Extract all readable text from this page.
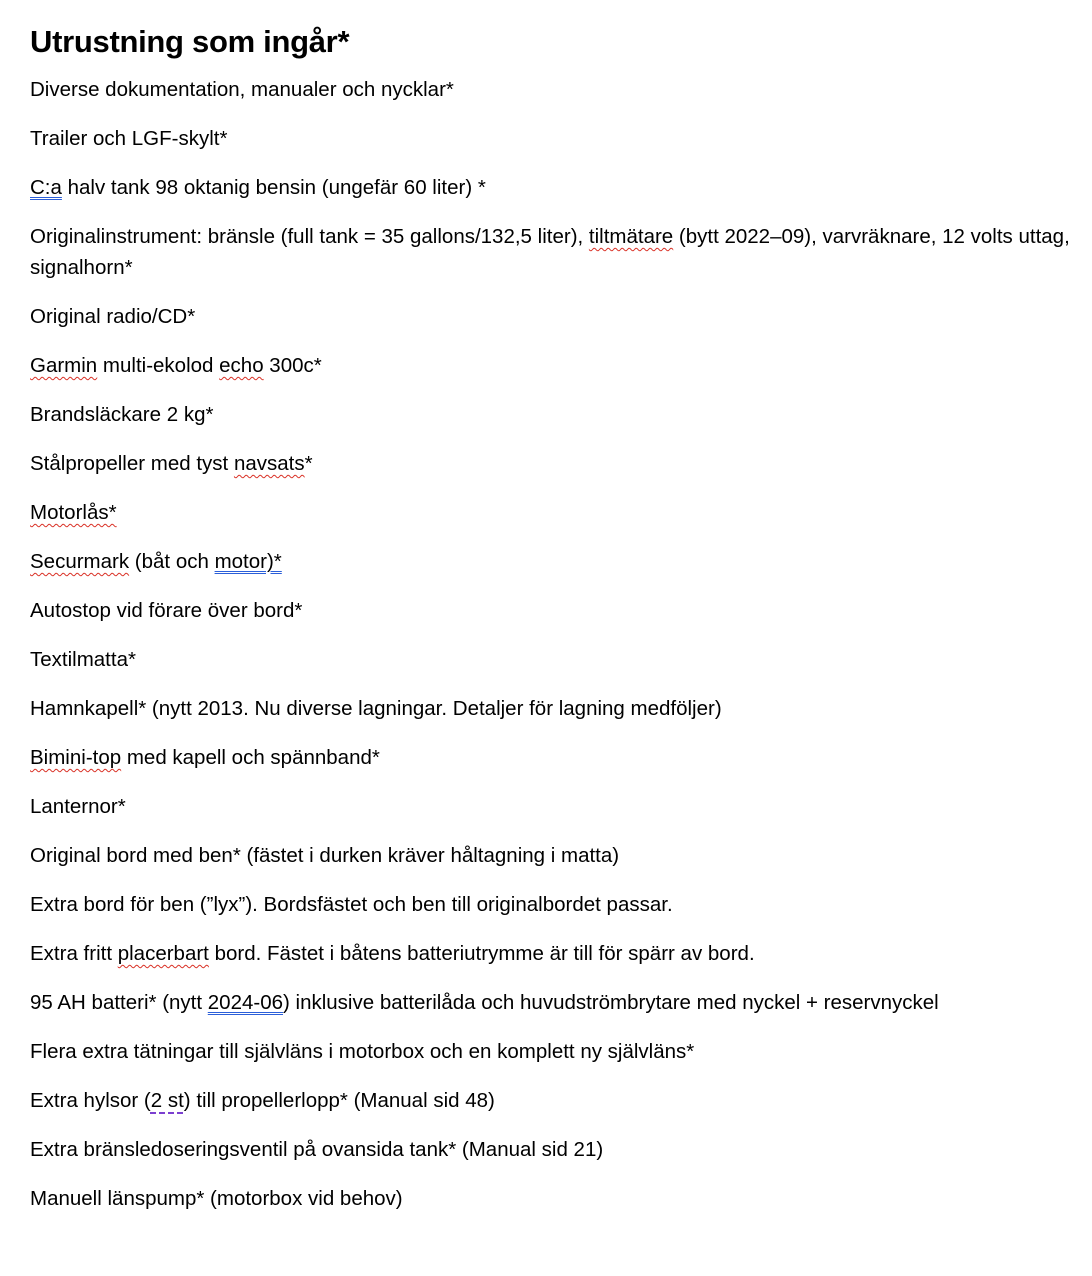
Utrustning som ingår*

Diverse dokumentation, manualer och nycklar*

Trailer och LGF-skylt*

C:a halv tank 98 oktanig bensin (ungefär 60 liter) *

Originalinstrument: bränsle (full tank = 35 gallons/132,5 liter), tiltmätare (bytt 2022–09), varvräknare, 12 volts uttag, signalhorn*

Original radio/CD*

Garmin multi-ekolod echo 300c*

Brandsläckare 2 kg*

Stålpropeller med tyst navsats*

Motorlås*

Securmark (båt och motor)*

Autostop vid förare över bord*

Textilmatta*

Hamnkapell* (nytt 2013. Nu diverse lagningar. Detaljer för lagning medföljer)

Bimini-top med kapell och spännband*

Lanternor*

Original bord med ben* (fästet i durken kräver håltagning i matta)

Extra bord för ben (”lyx”). Bordsfästet och ben till originalbordet passar.

Extra fritt placerbart bord. Fästet i båtens batteriutrymme är till för spärr av bord.

95 AH batteri* (nytt 2024-06) inklusive batterilåda och huvudströmbrytare med nyckel + reservnyckel

Flera extra tätningar till självläns i motorbox och en komplett ny självläns*

Extra hylsor (2 st) till propellerlopp* (Manual sid 48)

Extra bränsledoseringsventil på ovansida tank* (Manual sid 21)

Manuell länspump* (motorbox vid behov)
